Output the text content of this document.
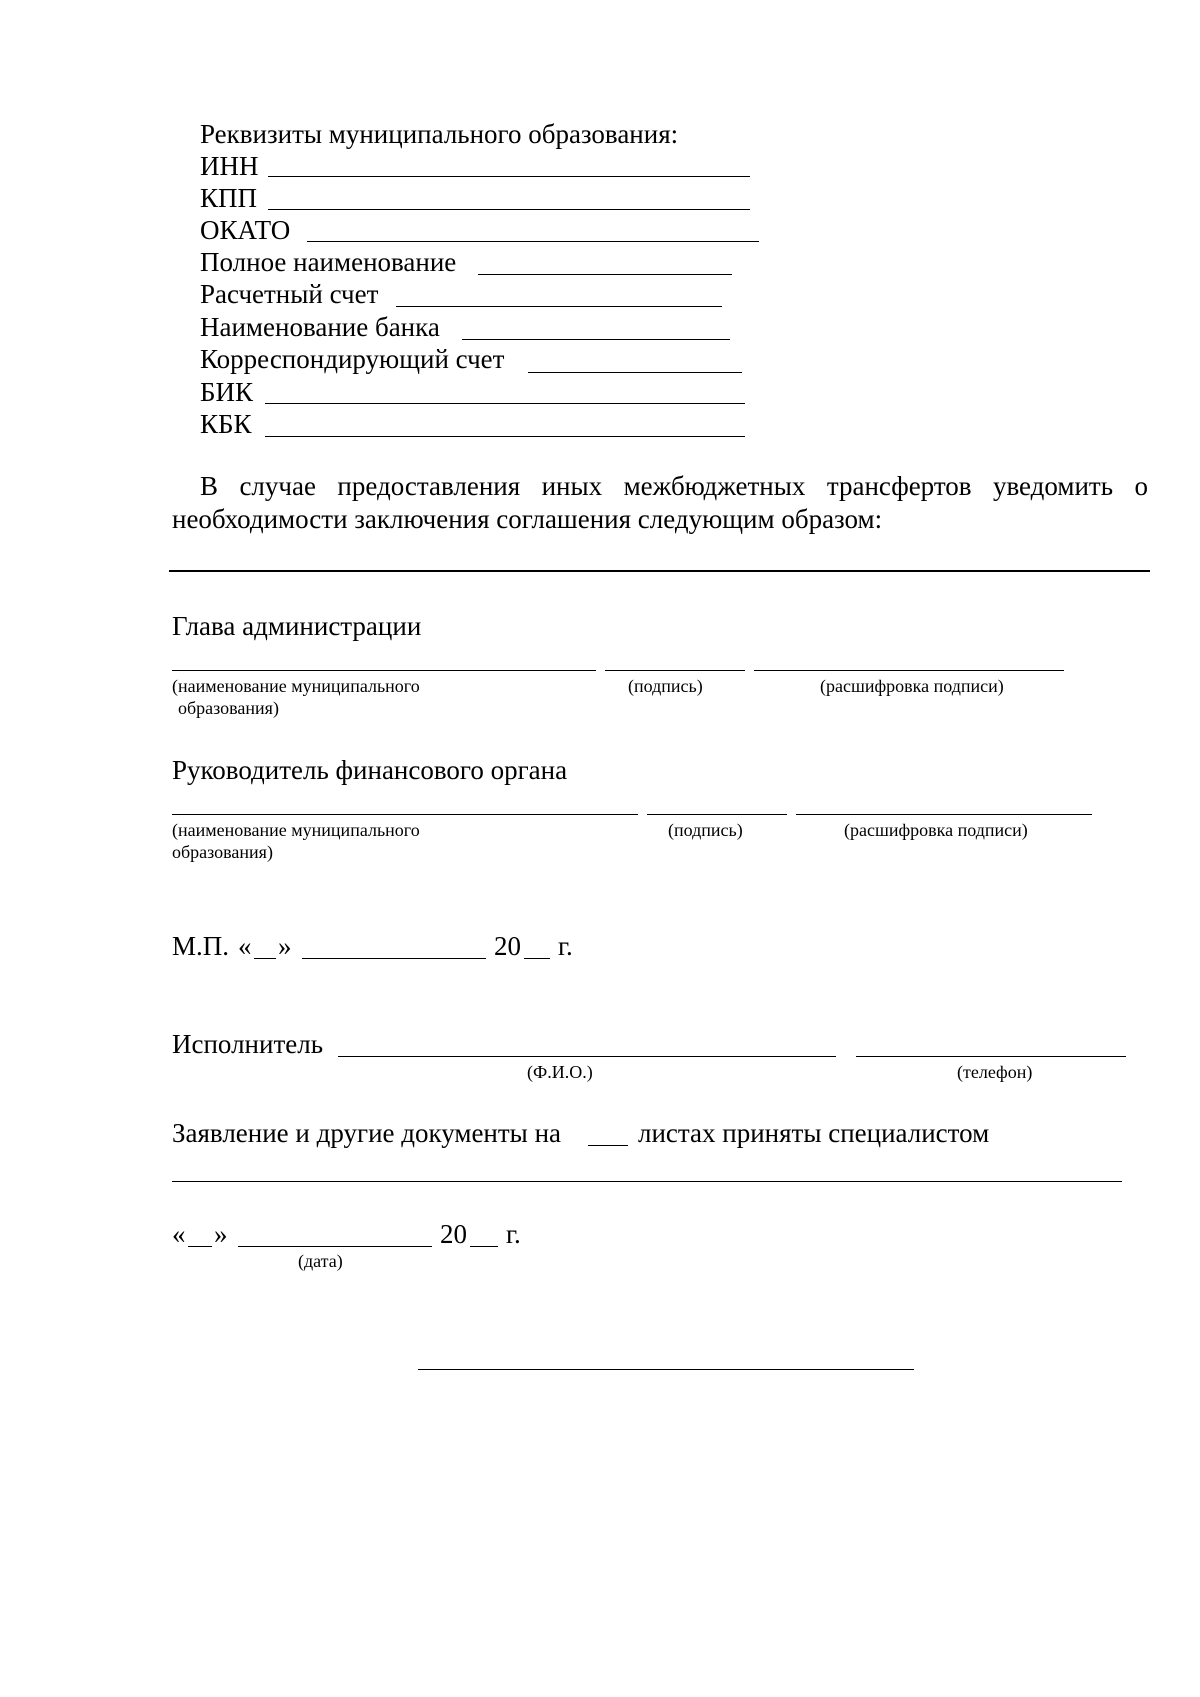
Реквизиты муниципального образования:
ИНН
КПП
ОКАТО
Полное наименование
Расчетный счет
Наименование банка
Корреспондирующий счет
БИК
КБК
В случае предоставления иных межбюджетных трансфертов уведомить о
необходимости заключения соглашения следующим образом:
Глава администрации
(наименование муниципального
образования)
(подпись)	(расшифровка подписи)
Руководитель финансового органа
(наименование муниципального
образования)
(подпись)	(расшифровка подписи)
М.П. « »	20 г.
Исполнитель
(Ф.И.О.)	(телефон)
Заявление и другие документы на	листах приняты специалистом
« »	20 г.
(дата)
